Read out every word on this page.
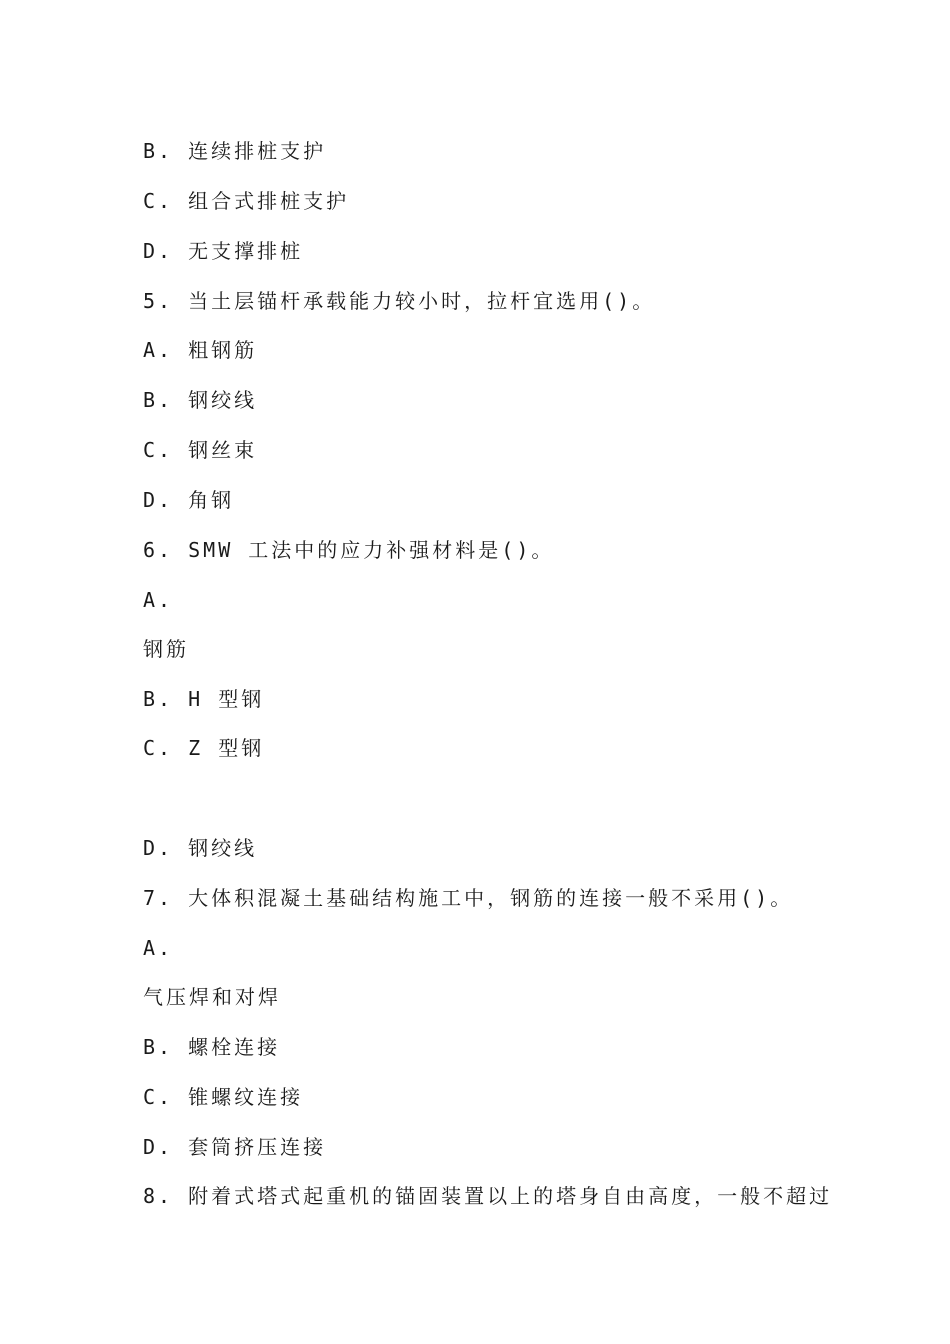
B. 连续排桩支护
C. 组合式排桩支护
D. 无支撑排桩
5. 当土层锚杆承载能力较小时，拉杆宜选用()。
A. 粗钢筋
B. 钢绞线
C. 钢丝束
D. 角钢
6. SMW 工法中的应力补强材料是()。
A.
钢筋
B. H 型钢
C. Z 型钢
D. 钢绞线
7. 大体积混凝土基础结构施工中，钢筋的连接一般不采用()。
A.
气压焊和对焊
B. 螺栓连接
C. 锥螺纹连接
D. 套筒挤压连接
8. 附着式塔式起重机的锚固装置以上的塔身自由高度，一般不超过
